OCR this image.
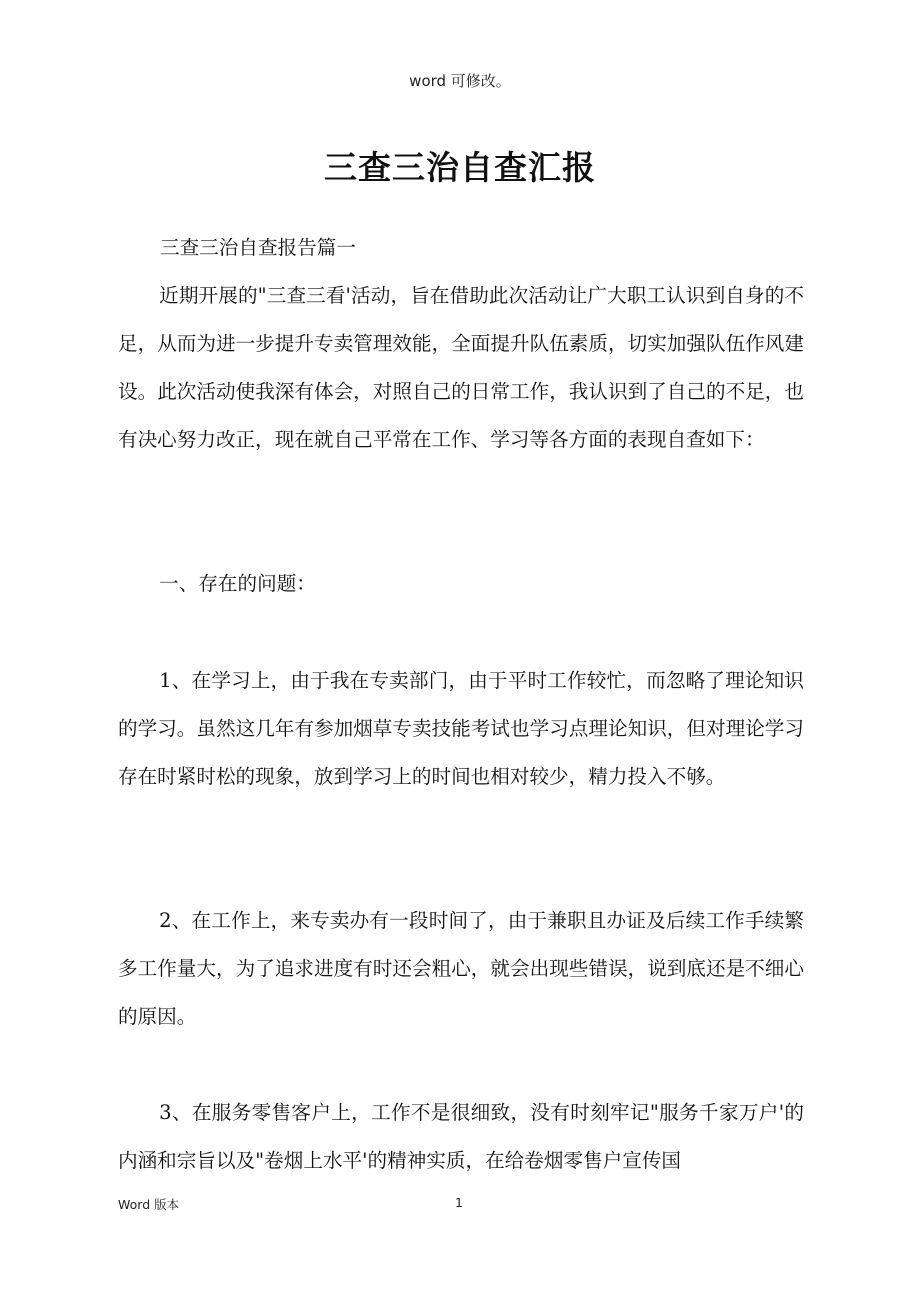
word 可修改。
三查三治自查汇报
三查三治自查报告篇一

近期开展的"三查三看'活动，旨在借助此次活动让广大职工认识到自身的不足，从而为进一步提升专卖管理效能，全面提升队伍素质，切实加强队伍作风建设。此次活动使我深有体会，对照自己的日常工作，我认识到了自己的不足，也有决心努力改正，现在就自己平常在工作、学习等各方面的表现自查如下：

一、存在的问题：

1、在学习上，由于我在专卖部门，由于平时工作较忙，而忽略了理论知识的学习。虽然这几年有参加烟草专卖技能考试也学习点理论知识，但对理论学习存在时紧时松的现象，放到学习上的时间也相对较少，精力投入不够。

2、在工作上，来专卖办有一段时间了，由于兼职且办证及后续工作手续繁多工作量大，为了追求进度有时还会粗心，就会出现些错误，说到底还是不细心的原因。

3、在服务零售客户上，工作不是很细致，没有时刻牢记"服务千家万户'的内涵和宗旨以及"卷烟上水平'的精神实质，在给卷烟零售户宣传国

Word 版本	1
